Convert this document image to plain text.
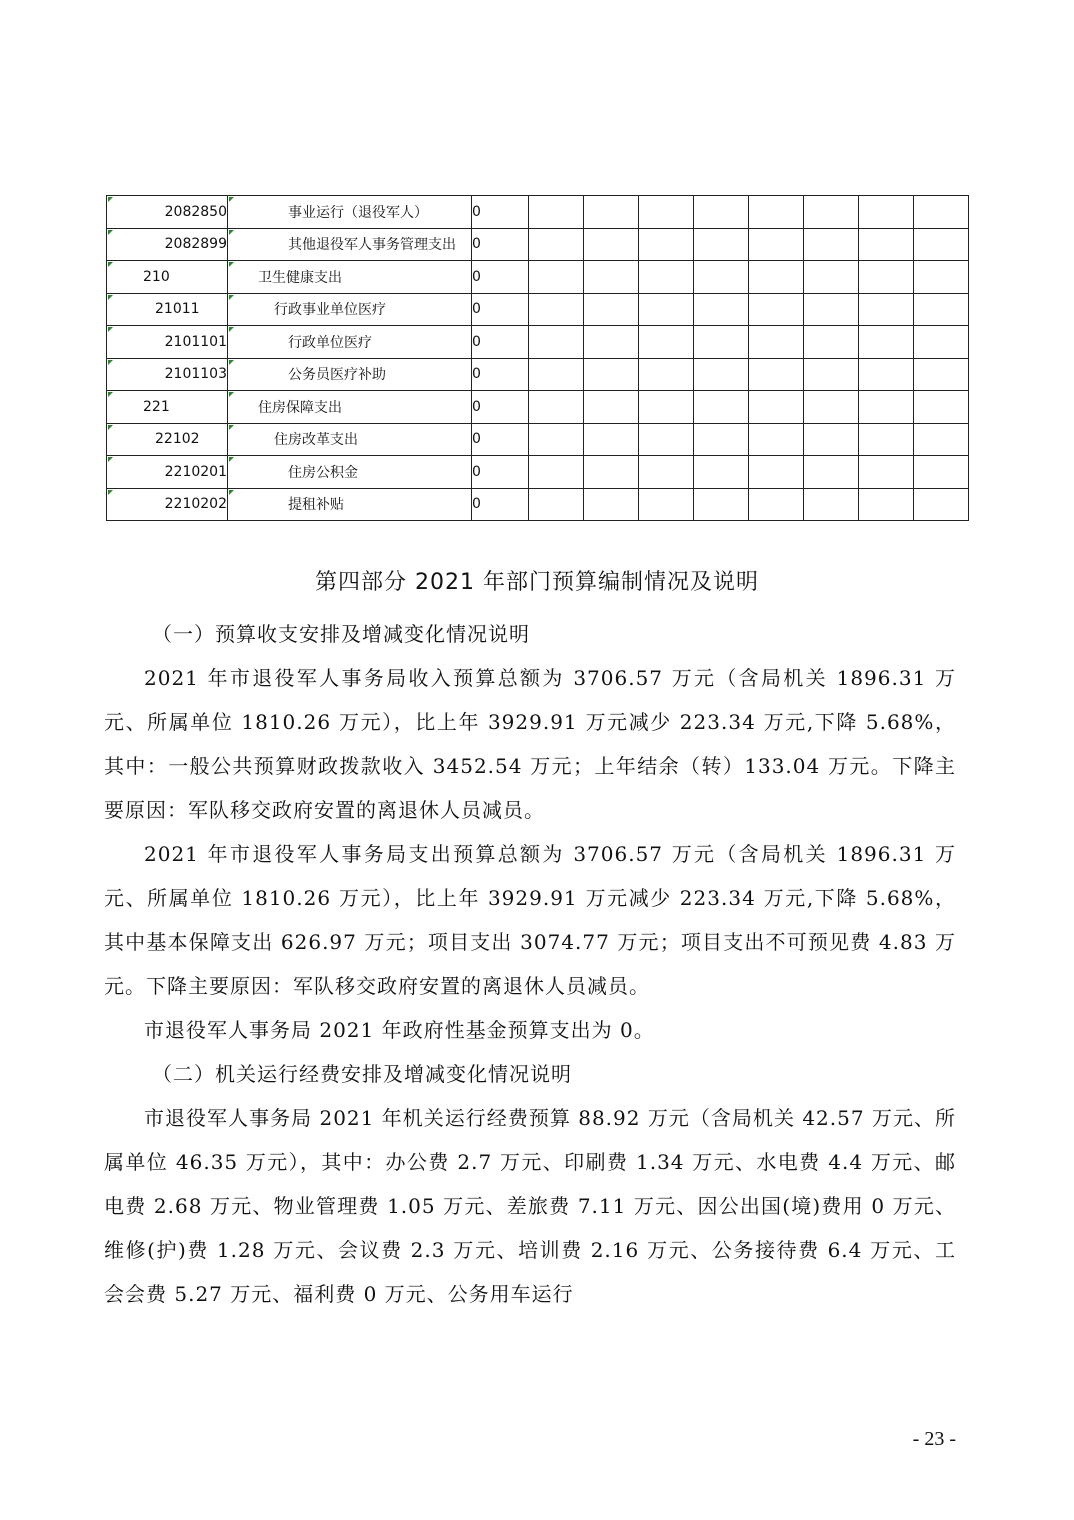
2082850	事业运行（退役军人）	0								
2082899	其他退役军人事务管理支出	0								
210	卫生健康支出	0								
21011	行政事业单位医疗	0								
2101101	行政单位医疗	0								
2101103	公务员医疗补助	0								
221	住房保障支出	0								
22102	住房改革支出	0								
2210201	住房公积金	0								
2210202	提租补贴	0								
第四部分 2021 年部门预算编制情况及说明

（一）预算收支安排及增减变化情况说明

2021 年市退役军人事务局收入预算总额为 3706.57 万元（含局机关 1896.31 万元、所属单位 1810.26 万元），比上年 3929.91 万元减少 223.34 万元,下降 5.68%，其中：一般公共预算财政拨款收入 3452.54 万元；上年结余（转）133.04 万元。下降主要原因：军队移交政府安置的离退休人员减员。

2021 年市退役军人事务局支出预算总额为 3706.57 万元（含局机关 1896.31 万元、所属单位 1810.26 万元），比上年 3929.91 万元减少 223.34 万元,下降 5.68%，其中基本保障支出 626.97 万元；项目支出 3074.77 万元；项目支出不可预见费 4.83 万元。下降主要原因：军队移交政府安置的离退休人员减员。

市退役军人事务局 2021 年政府性基金预算支出为 0。

（二）机关运行经费安排及增减变化情况说明

市退役军人事务局 2021 年机关运行经费预算 88.92 万元（含局机关 42.57 万元、所属单位 46.35 万元），其中：办公费 2.7 万元、印刷费 1.34 万元、水电费 4.4 万元、邮电费 2.68 万元、物业管理费 1.05 万元、差旅费 7.11 万元、因公出国(境)费用 0 万元、维修(护)费 1.28 万元、会议费 2.3 万元、培训费 2.16 万元、公务接待费 6.4 万元、工会会费 5.27 万元、福利费 0 万元、公务用车运行

- 23 -
